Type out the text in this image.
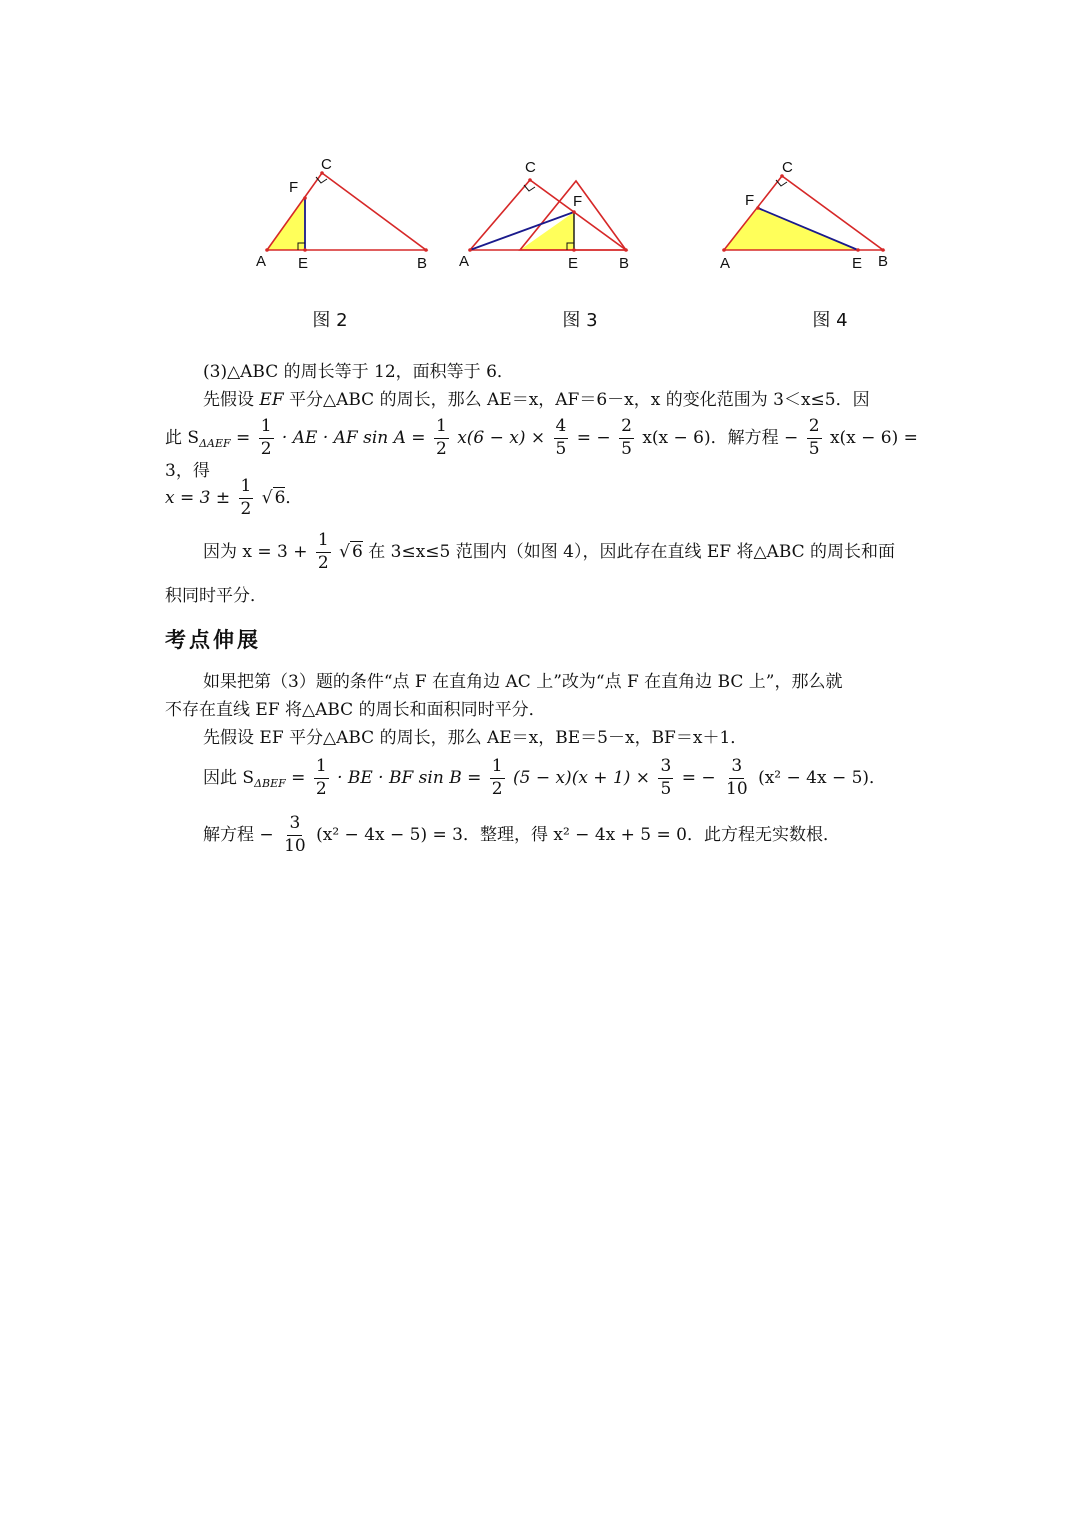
A E	B
C
F
图 2
A	E	B
C
F
图 3
A	E B
C
F
图 4
(3)△ABC 的周长等于 12，面积等于 6．
先假设 EF 平分△ABC 的周长，那么 AE＝x，AF＝6－x，x 的变化范围为 3＜x≤5．因
此 $S_{\Delta AEF} = \frac{1}{2}$ · AE · AF $\sin A = \frac{1}{2} x(6 - x) \times \frac{4}{5}$ = − $\frac{2}{5} x(x - 6)$．解方程 − $\frac{2}{5} x(x - 6) = 3$，得
$x = 3 \pm \frac{1}{2}$ √ 6．
因为 $x = 3 + \frac{1}{2}$ √ 6 在 3≤x≤5 范围内（如图 4），因此存在直线 EF 将△ABC 的周长和面
积同时平分．
考点伸展
如果把第（3）题的条件“点 F 在直角边 AC 上”改为“点 F 在直角边 BC 上”，那么就
不存在直线 EF 将△ABC 的周长和面积同时平分．
先假设 EF 平分△ABC 的周长，那么 AE＝x，BE＝5－x，BF＝x＋1．
因此 $S_{\Delta BEF} = \frac{1}{2}$ · BE · BF $\sin B = \frac{1}{2} (5 - x)(x + 1) \times \frac{3}{5}$ = − $\frac{3}{10} (x^2 - 4x - 5)$．
解方程 − $\frac{3}{10} (x^2 - 4x - 5) = 3$．整理，得 x² − 4x + 5 = 0．此方程无实数根．
